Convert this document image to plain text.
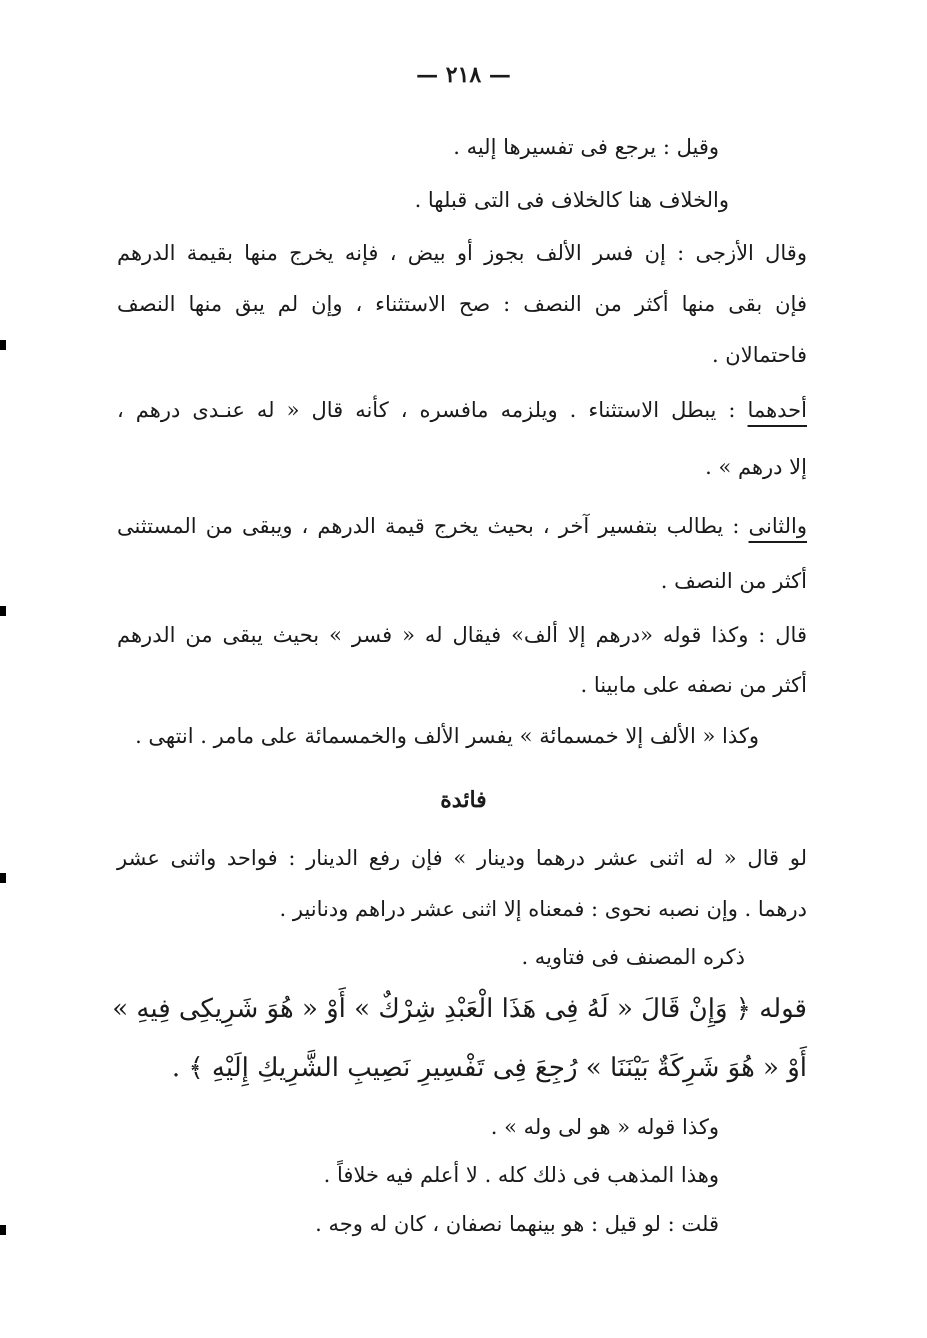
— ٢١٨ —
وقيل : يرجع فى تفسيرها إليه .
والخلاف هنا كالخلاف فى التى قبلها .
وقال الأزجى : إن فسر الألف بجوز أو بيض ، فإنه يخرج منها بقيمة الدرهم
فإن بقى منها أكثر من النصف : صح الاستثناء ، وإن لم يبق منها النصف
فاحتمالان .
أحدهما : يبطل الاستثناء . ويلزمه مافسره ، كأنه قال « له عنـدى درهم ،
إلا درهم » .
والثانى : يطالب بتفسير آخر ، بحيث يخرج قيمة الدرهم ، ويبقى من المستثنى
أكثر من النصف .
قال : وكذا قوله «درهم إلا ألف» فيقال له « فسر » بحيث يبقى من الدرهم
أكثر من نصفه على مابينا .
وكذا « الألف إلا خمسمائة » يفسر الألف والخمسمائة على مامر . انتهى .
فائدة
لو قال « له اثنى عشر درهما ودينار » فإن رفع الدينار : فواحد واثنى عشر
درهما . وإن نصبه نحوى : فمعناه إلا اثنى عشر دراهم ودنانير .
ذكره المصنف فى فتاويه .
قوله ﴿ وَإِنْ قَالَ « لَهُ فِى هَذَا الْعَبْدِ شِرْكٌ » أَوْ « هُوَ شَرِيكِى فِيهِ »
أَوْ « هُوَ شَرِكَةٌ بَيْنَنَا » رُجِعَ فِى تَفْسِيرِ نَصِيبِ الشَّرِيكِ إِلَيْهِ ﴾ .
وكذا قوله « هو لى وله » .
وهذا المذهب فى ذلك كله . لا أعلم فيه خلافاً .
قلت : لو قيل : هو بينهما نصفان ، كان له وجه .
